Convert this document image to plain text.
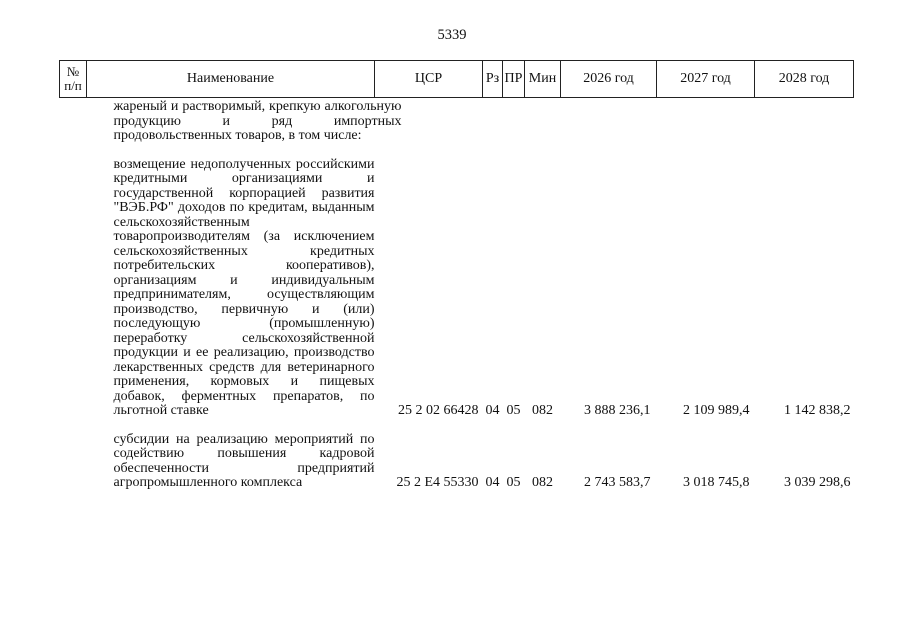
5339
№ п/п	Наименование	ЦСР	Рз	ПР	Мин	2026 год	2027 год	2028 год

	жареный и растворимый, крепкую алкогольную продукцию и ряд импортных продовольственных товаров, в том числе:							

	возмещение недополученных российскими кредитными организациями и государственной корпорацией развития "ВЭБ.РФ" доходов по кредитам, выданным сельскохозяйственным товаропроизводителям (за исключением сельскохозяйственных кредитных потребительских кооперативов), организациям и индивидуальным предпринимателям, осуществляющим производство, первичную и (или) последующую (промышленную) переработку сельскохозяйственной продукции и ее реализацию, производство лекарственных средств для ветеринарного применения, кормовых и пищевых добавок, ферментных препаратов, по льготной ставке	25 2 02 66428	04	05	082	3 888 236,1	2 109 989,4	1 142 838,2

	субсидии на реализацию мероприятий по содействию повышения кадровой обеспеченности предприятий агропромышленного комплекса	25 2 Е4 55330	04	05	082	2 743 583,7	3 018 745,8	3 039 298,6
